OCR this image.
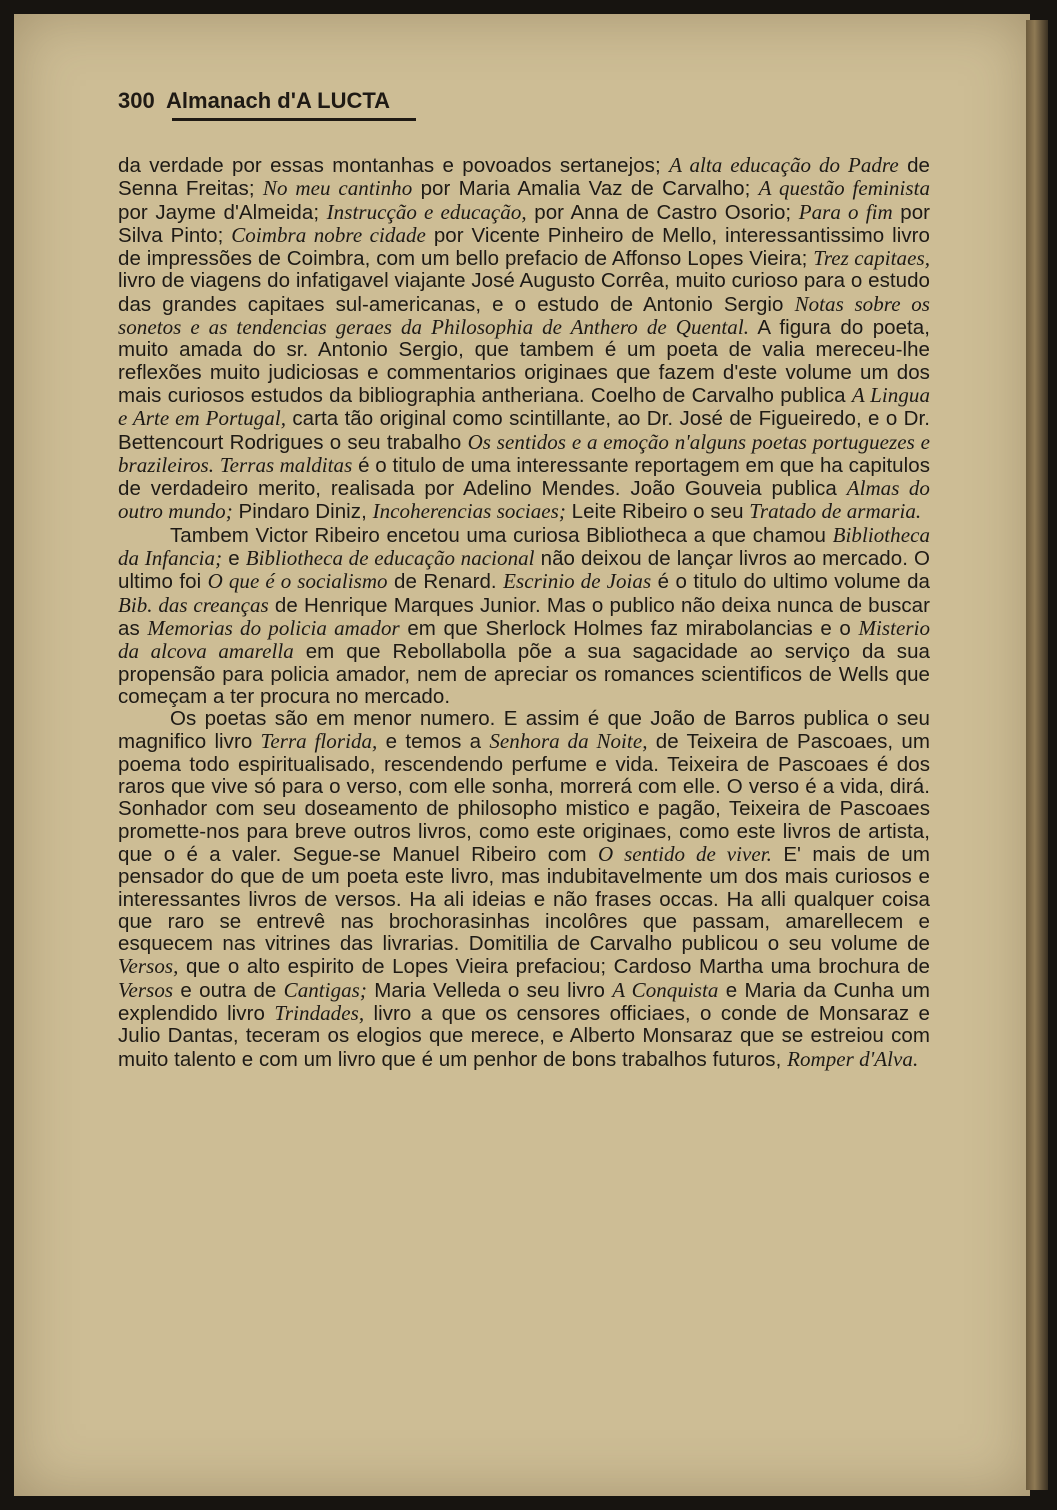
300 Almanach d'A LUCTA

da verdade por essas montanhas e povoados sertanejos; A alta educação do Padre de Senna Freitas; No meu cantinho por Maria Amalia Vaz de Carvalho; A questão feminista por Jayme d'Almeida; Instrucção e educação, por Anna de Castro Osorio; Para o fim por Silva Pinto; Coimbra nobre cidade por Vicente Pinheiro de Mello, interessantissimo livro de impressões de Coimbra, com um bello prefacio de Affonso Lopes Vieira; Trez capitaes, livro de viagens do infatigavel viajante José Augusto Corrêa, muito curioso para o estudo das grandes capitaes sul-americanas, e o estudo de Antonio Sergio Notas sobre os sonetos e as tendencias geraes da Philosophia de Anthero de Quental. A figura do poeta, muito amada do sr. Antonio Sergio, que tambem é um poeta de valia mereceu-lhe reflexões muito judiciosas e commentarios originaes que fazem d'este volume um dos mais curiosos estudos da bibliographia antheriana. Coelho de Carvalho publica A Lingua e Arte em Portugal, carta tão original como scintillante, ao Dr. José de Figueiredo, e o Dr. Bettencourt Rodrigues o seu trabalho Os sentidos e a emoção n'alguns poetas portuguezes e brazileiros. Terras malditas é o titulo de uma interessante reportagem em que ha capitulos de verdadeiro merito, realisada por Adelino Mendes. João Gouveia publica Almas do outro mundo; Pindaro Diniz, Incoherencias sociaes; Leite Ribeiro o seu Tratado de armaria.

Tambem Victor Ribeiro encetou uma curiosa Bibliotheca a que chamou Bibliotheca da Infancia; e Bibliotheca de educação nacional não deixou de lançar livros ao mercado. O ultimo foi O que é o socialismo de Renard. Escrinio de Joias é o titulo do ultimo volume da Bib. das creanças de Henrique Marques Junior. Mas o publico não deixa nunca de buscar as Memorias do policia amador em que Sherlock Holmes faz mirabolancias e o Misterio da alcova amarella em que Rebollabolla põe a sua sagacidade ao serviço da sua propensão para policia amador, nem de apreciar os romances scientificos de Wells que começam a ter procura no mercado.

Os poetas são em menor numero. E assim é que João de Barros publica o seu magnifico livro Terra florida, e temos a Senhora da Noite, de Teixeira de Pascoaes, um poema todo espiritualisado, rescendendo perfume e vida. Teixeira de Pascoaes é dos raros que vive só para o verso, com elle sonha, morrerá com elle. O verso é a vida, dirá. Sonhador com seu doseamento de philosopho mistico e pagão, Teixeira de Pascoaes promette-nos para breve outros livros, como este originaes, como este livros de artista, que o é a valer. Segue-se Manuel Ribeiro com O sentido de viver. E' mais de um pensador do que de um poeta este livro, mas indubitavelmente um dos mais curiosos e interessantes livros de versos. Ha ali ideias e não frases occas. Ha alli qualquer coisa que raro se entrevê nas brochorasinhas incolôres que passam, amarellecem e esquecem nas vitrines das livrarias. Domitilia de Carvalho publicou o seu volume de Versos, que o alto espirito de Lopes Vieira prefaciou; Cardoso Martha uma brochura de Versos e outra de Cantigas; Maria Velleda o seu livro A Conquista e Maria da Cunha um explendido livro Trindades, livro a que os censores officiaes, o conde de Monsaraz e Julio Dantas, teceram os elogios que merece, e Alberto Monsaraz que se estreiou com muito talento e com um livro que é um penhor de bons trabalhos futuros, Romper d'Alva.
